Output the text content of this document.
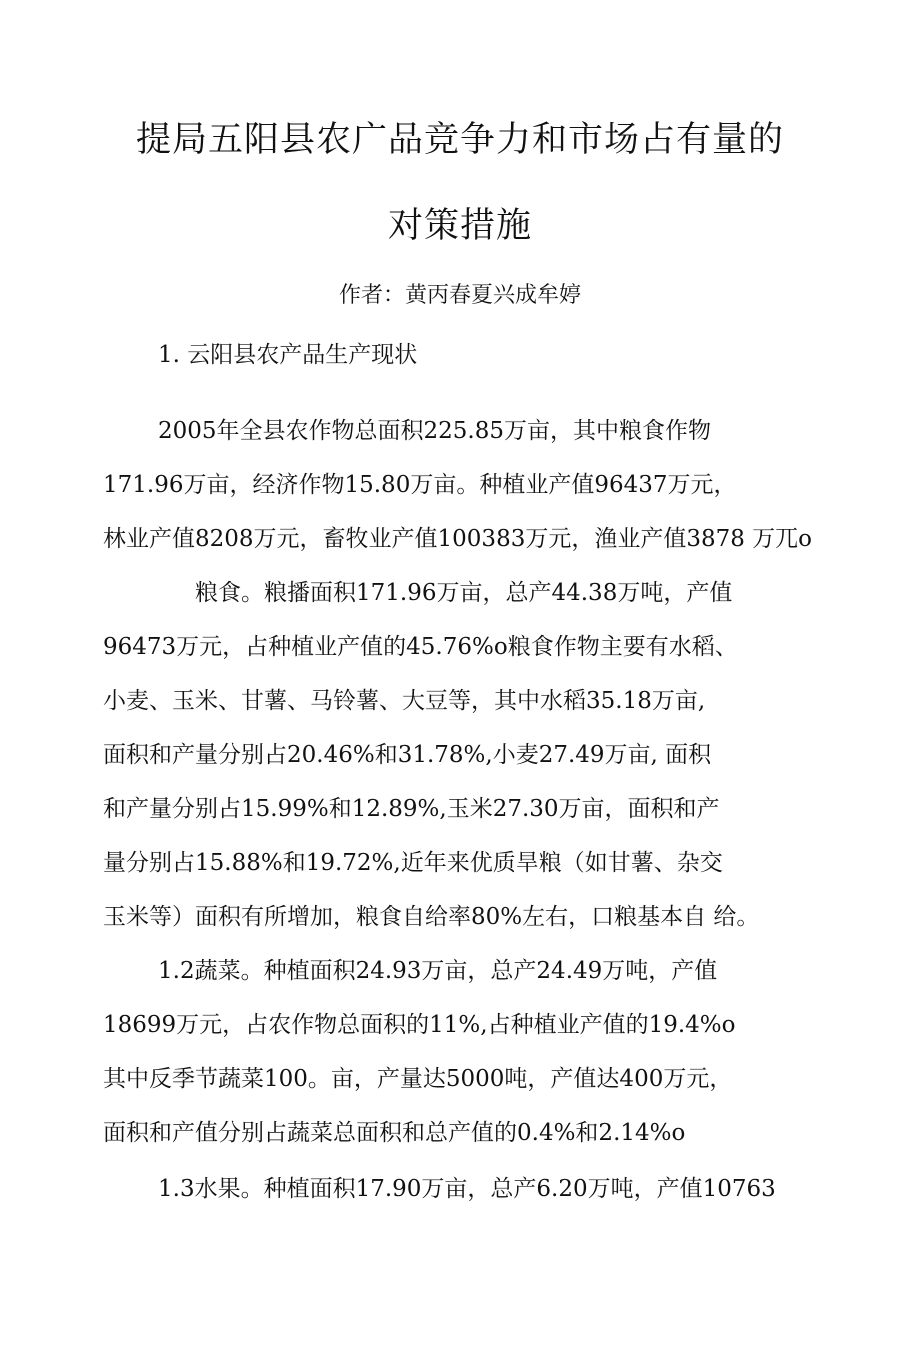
提局五阳县农广品竞争力和市场占有量的
对策措施
作者：黄丙春夏兴成牟婷
1. 云阳县农产品生产现状
2005年全县农作物总面积225.85万亩，其中粮食作物
171.96万亩，经济作物15.80万亩。种植业产值96437万元，
林业产值8208万元，畜牧业产值100383万元，渔业产值3878 万兀o
粮食。粮播面积171.96万亩，总产44.38万吨，产值
96473万元，占种植业产值的45.76%o粮食作物主要有水稻、
小麦、玉米、甘薯、马铃薯、大豆等，其中水稻35.18万亩,
面积和产量分别占20.46%和31.78%,小麦27.49万亩, 面积
和产量分别占15.99%和12.89%,玉米27.30万亩，面积和产
量分别占15.88%和19.72%,近年来优质旱粮（如甘薯、杂交
玉米等）面积有所增加，粮食自给率80%左右，口粮基本自 给。
1.2蔬菜。种植面积24.93万亩，总产24.49万吨，产值
18699万元，占农作物总面积的11%,占种植业产值的19.4%o
其中反季节蔬菜100。亩，产量达5000吨，产值达400万元，
面积和产值分别占蔬菜总面积和总产值的0.4%和2.14%o
1.3水果。种植面积17.90万亩，总产6.20万吨，产值10763
